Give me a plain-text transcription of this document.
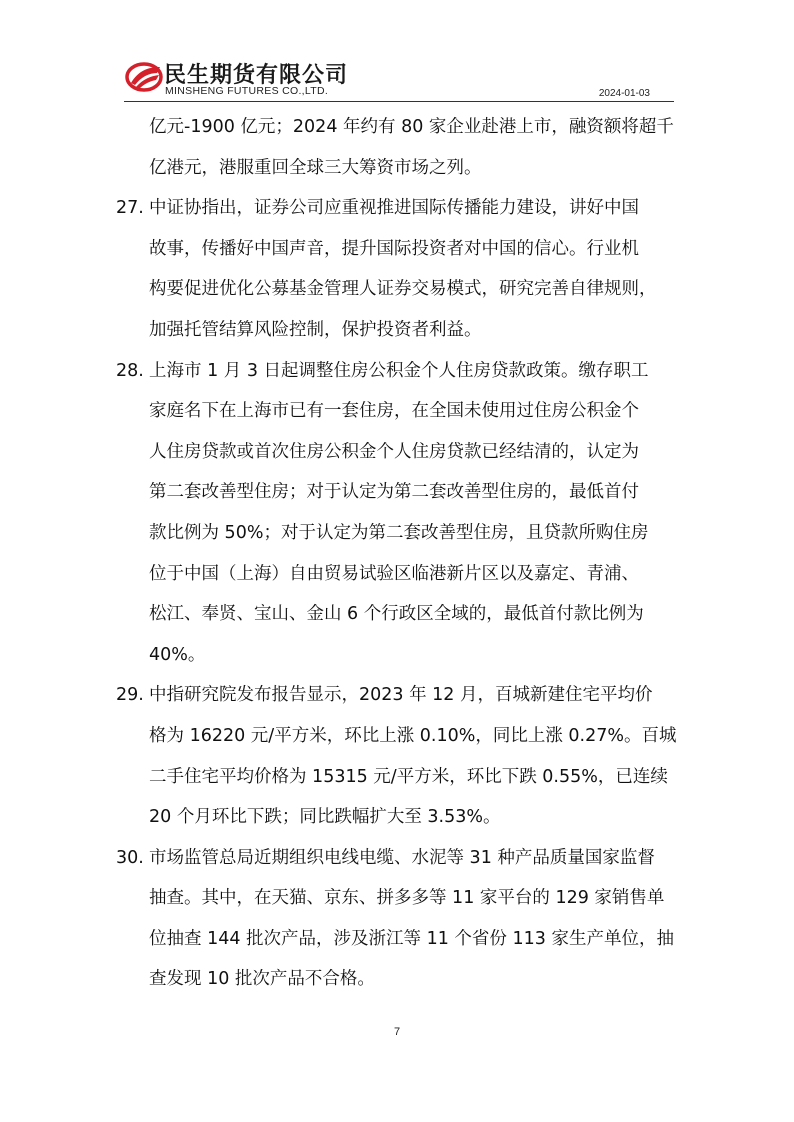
民生期货有限公司
MINSHENG FUTURES CO.,LTD.	2024-01-03
亿元-1900 亿元；2024 年约有 80 家企业赴港上市，融资额将超千
亿港元，港服重回全球三大筹资市场之列。
27. 中证协指出，证券公司应重视推进国际传播能力建设，讲好中国
故事，传播好中国声音，提升国际投资者对中国的信心。行业机
构要促进优化公募基金管理人证券交易模式，研究完善自律规则，
加强托管结算风险控制，保护投资者利益。
28. 上海市 1 月 3 日起调整住房公积金个人住房贷款政策。缴存职工
家庭名下在上海市已有一套住房，在全国未使用过住房公积金个
人住房贷款或首次住房公积金个人住房贷款已经结清的，认定为
第二套改善型住房；对于认定为第二套改善型住房的，最低首付
款比例为 50%；对于认定为第二套改善型住房，且贷款所购住房
位于中国（上海）自由贸易试验区临港新片区以及嘉定、青浦、
松江、奉贤、宝山、金山 6 个行政区全域的，最低首付款比例为
40%。
29. 中指研究院发布报告显示，2023 年 12 月，百城新建住宅平均价
格为 16220 元/平方米，环比上涨 0.10%，同比上涨 0.27%。百城
二手住宅平均价格为 15315 元/平方米，环比下跌 0.55%，已连续
20 个月环比下跌；同比跌幅扩大至 3.53%。
30. 市场监管总局近期组织电线电缆、水泥等 31 种产品质量国家监督
抽查。其中，在天猫、京东、拼多多等 11 家平台的 129 家销售单
位抽查 144 批次产品，涉及浙江等 11 个省份 113 家生产单位，抽
查发现 10 批次产品不合格。
7
